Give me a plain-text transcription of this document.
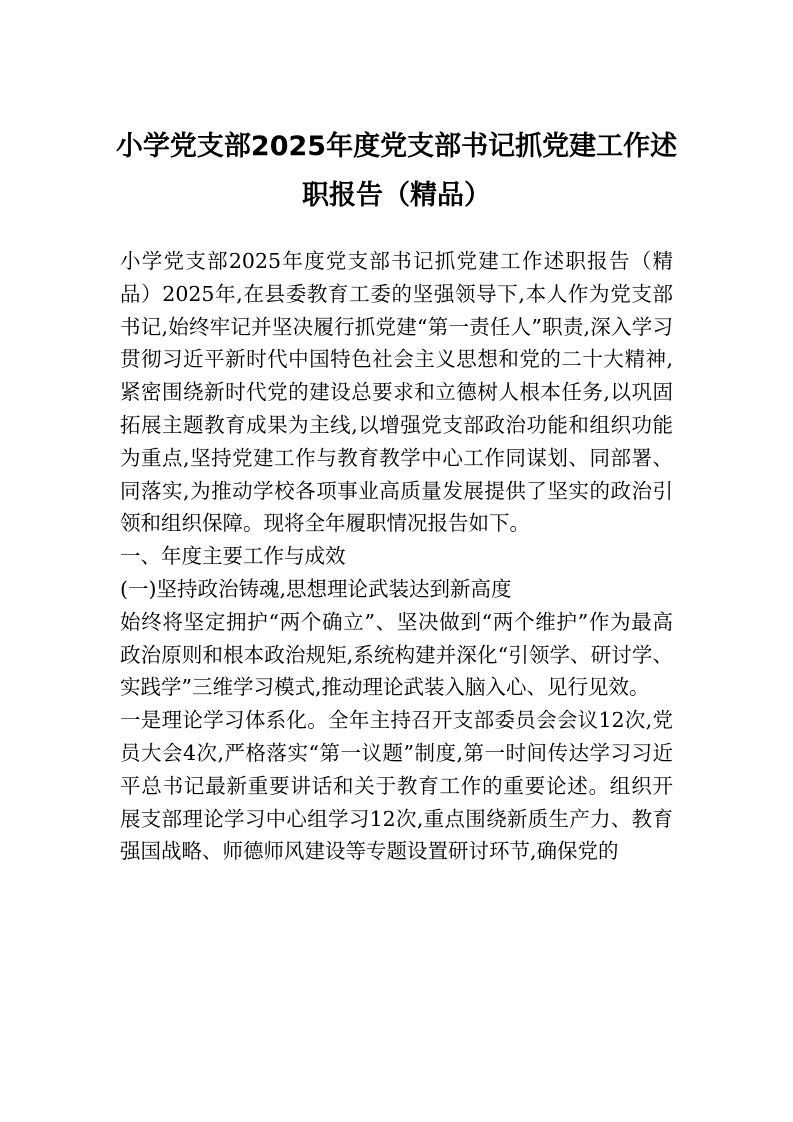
小学党支部2025年度党支部书记抓党建工作述职报告（精品）

小学党支部2025年度党支部书记抓党建工作述职报告（精品）2025年,在县委教育工委的坚强领导下,本人作为党支部书记,始终牢记并坚决履行抓党建“第一责任人”职责,深入学习贯彻习近平新时代中国特色社会主义思想和党的二十大精神,紧密围绕新时代党的建设总要求和立德树人根本任务,以巩固拓展主题教育成果为主线,以增强党支部政治功能和组织功能为重点,坚持党建工作与教育教学中心工作同谋划、同部署、同落实,为推动学校各项事业高质量发展提供了坚实的政治引领和组织保障。现将全年履职情况报告如下。

一、年度主要工作与成效

(一)坚持政治铸魂,思想理论武装达到新高度

始终将坚定拥护“两个确立”、坚决做到“两个维护”作为最高政治原则和根本政治规矩,系统构建并深化“引领学、研讨学、实践学”三维学习模式,推动理论武装入脑入心、见行见效。

一是理论学习体系化。全年主持召开支部委员会会议12次,党员大会4次,严格落实“第一议题”制度,第一时间传达学习习近平总书记最新重要讲话和关于教育工作的重要论述。组织开展支部理论学习中心组学习12次,重点围绕新质生产力、教育强国战略、师德师风建设等专题设置研讨环节,确保党的
